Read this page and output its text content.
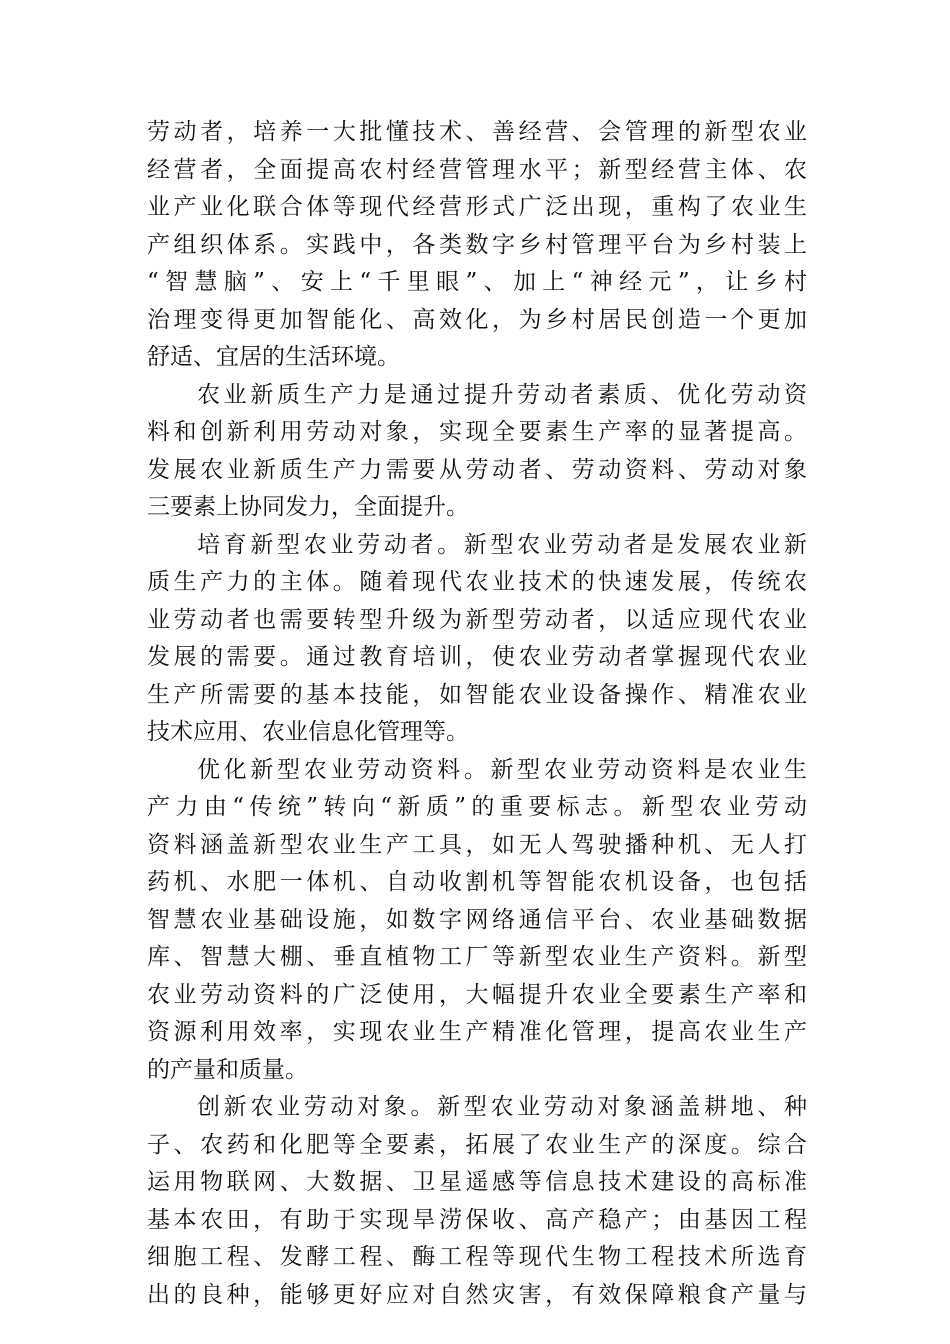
劳动者，培养一大批懂技术、善经营、会管理的新型农业
经营者，全面提高农村经营管理水平；新型经营主体、农
业产业化联合体等现代经营形式广泛出现，重构了农业生
产组织体系。实践中，各类数字乡村管理平台为乡村装上
“智慧脑”、安上“千里眼”、加上“神经元”，让乡村
治理变得更加智能化、高效化，为乡村居民创造一个更加
舒适、宜居的生活环境。
农业新质生产力是通过提升劳动者素质、优化劳动资
料和创新利用劳动对象，实现全要素生产率的显著提高。
发展农业新质生产力需要从劳动者、劳动资料、劳动对象
三要素上协同发力，全面提升。
培育新型农业劳动者。新型农业劳动者是发展农业新
质生产力的主体。随着现代农业技术的快速发展，传统农
业劳动者也需要转型升级为新型劳动者，以适应现代农业
发展的需要。通过教育培训，使农业劳动者掌握现代农业
生产所需要的基本技能，如智能农业设备操作、精准农业
技术应用、农业信息化管理等。
优化新型农业劳动资料。新型农业劳动资料是农业生
产力由“传统”转向“新质”的重要标志。新型农业劳动
资料涵盖新型农业生产工具，如无人驾驶播种机、无人打
药机、水肥一体机、自动收割机等智能农机设备，也包括
智慧农业基础设施，如数字网络通信平台、农业基础数据
库、智慧大棚、垂直植物工厂等新型农业生产资料。新型
农业劳动资料的广泛使用，大幅提升农业全要素生产率和
资源利用效率，实现农业生产精准化管理，提高农业生产
的产量和质量。
创新农业劳动对象。新型农业劳动对象涵盖耕地、种
子、农药和化肥等全要素，拓展了农业生产的深度。综合
运用物联网、大数据、卫星遥感等信息技术建设的高标准
基本农田，有助于实现旱涝保收、高产稳产；由基因工程
细胞工程、发酵工程、酶工程等现代生物工程技术所选育
出的良种，能够更好应对自然灾害，有效保障粮食产量与
